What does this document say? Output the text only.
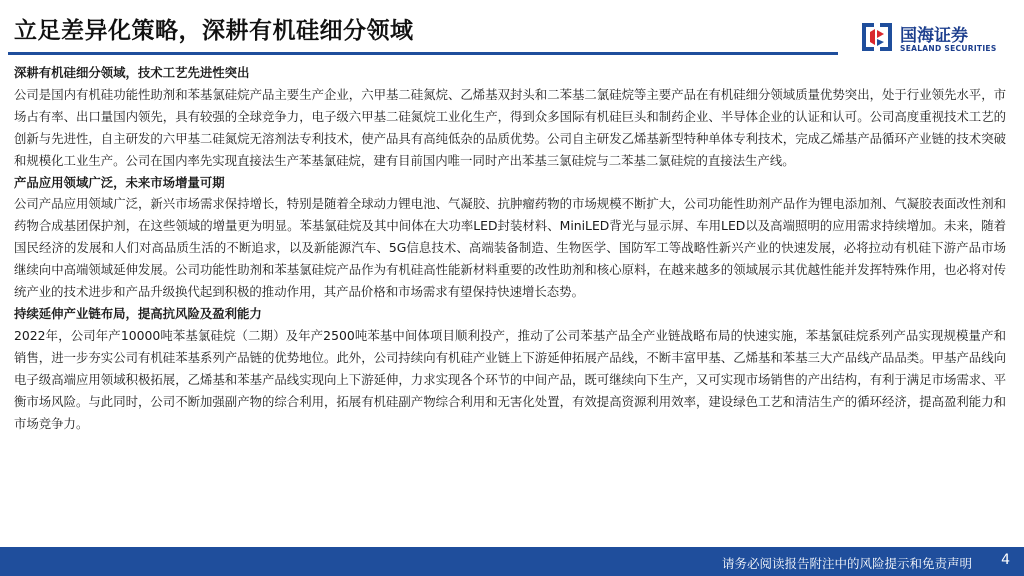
立足差异化策略，深耕有机硅细分领域	国海证券
SEALAND SECURITIES

深耕有机硅细分领域，技术工艺先进性突出

公司是国内有机硅功能性助剂和苯基氯硅烷产品主要生产企业，六甲基二硅氮烷、乙烯基双封头和二苯基二氯硅烷等主要产品在有机硅细分领域质量优势突出，处于行业领先水平，市场占有率、出口量国内领先，具有较强的全球竞争力，电子级六甲基二硅氮烷工业化生产，得到众多国际有机硅巨头和制药企业、半导体企业的认证和认可。公司高度重视技术工艺的创新与先进性，自主研发的六甲基二硅氮烷无溶剂法专利技术，使产品具有高纯低杂的品质优势。公司自主研发乙烯基新型特种单体专利技术，完成乙烯基产品循环产业链的技术突破和规模化工业生产。公司在国内率先实现直接法生产苯基氯硅烷，建有目前国内唯一同时产出苯基三氯硅烷与二苯基二氯硅烷的直接法生产线。

产品应用领域广泛，未来市场增量可期

公司产品应用领域广泛，新兴市场需求保持增长，特别是随着全球动力锂电池、气凝胶、抗肿瘤药物的市场规模不断扩大，公司功能性助剂产品作为锂电添加剂、气凝胶表面改性剂和药物合成基团保护剂，在这些领域的增量更为明显。苯基氯硅烷及其中间体在大功率LED封装材料、MiniLED背光与显示屏、车用LED以及高端照明的应用需求持续增加。未来，随着国民经济的发展和人们对高品质生活的不断追求，以及新能源汽车、5G信息技术、高端装备制造、生物医学、国防军工等战略性新兴产业的快速发展，必将拉动有机硅下游产品市场继续向中高端领域延伸发展。公司功能性助剂和苯基氯硅烷产品作为有机硅高性能新材料重要的改性助剂和核心原料，在越来越多的领域展示其优越性能并发挥特殊作用，也必将对传统产业的技术进步和产品升级换代起到积极的推动作用，其产品价格和市场需求有望保持快速增长态势。

持续延伸产业链布局，提高抗风险及盈利能力

2022年，公司年产10000吨苯基氯硅烷（二期）及年产2500吨苯基中间体项目顺利投产，推动了公司苯基产品全产业链战略布局的快速实施，苯基氯硅烷系列产品实现规模量产和销售，进一步夯实公司有机硅苯基系列产品链的优势地位。此外，公司持续向有机硅产业链上下游延伸拓展产品线，不断丰富甲基、乙烯基和苯基三大产品线产品品类。甲基产品线向电子级高端应用领域积极拓展，乙烯基和苯基产品线实现向上下游延伸，力求实现各个环节的中间产品，既可继续向下生产，又可实现市场销售的产出结构，有利于满足市场需求、平衡市场风险。与此同时，公司不断加强副产物的综合利用，拓展有机硅副产物综合利用和无害化处置，有效提高资源利用效率，建设绿色工艺和清洁生产的循环经济，提高盈利能力和市场竞争力。

请务必阅读报告附注中的风险提示和免责声明 4
